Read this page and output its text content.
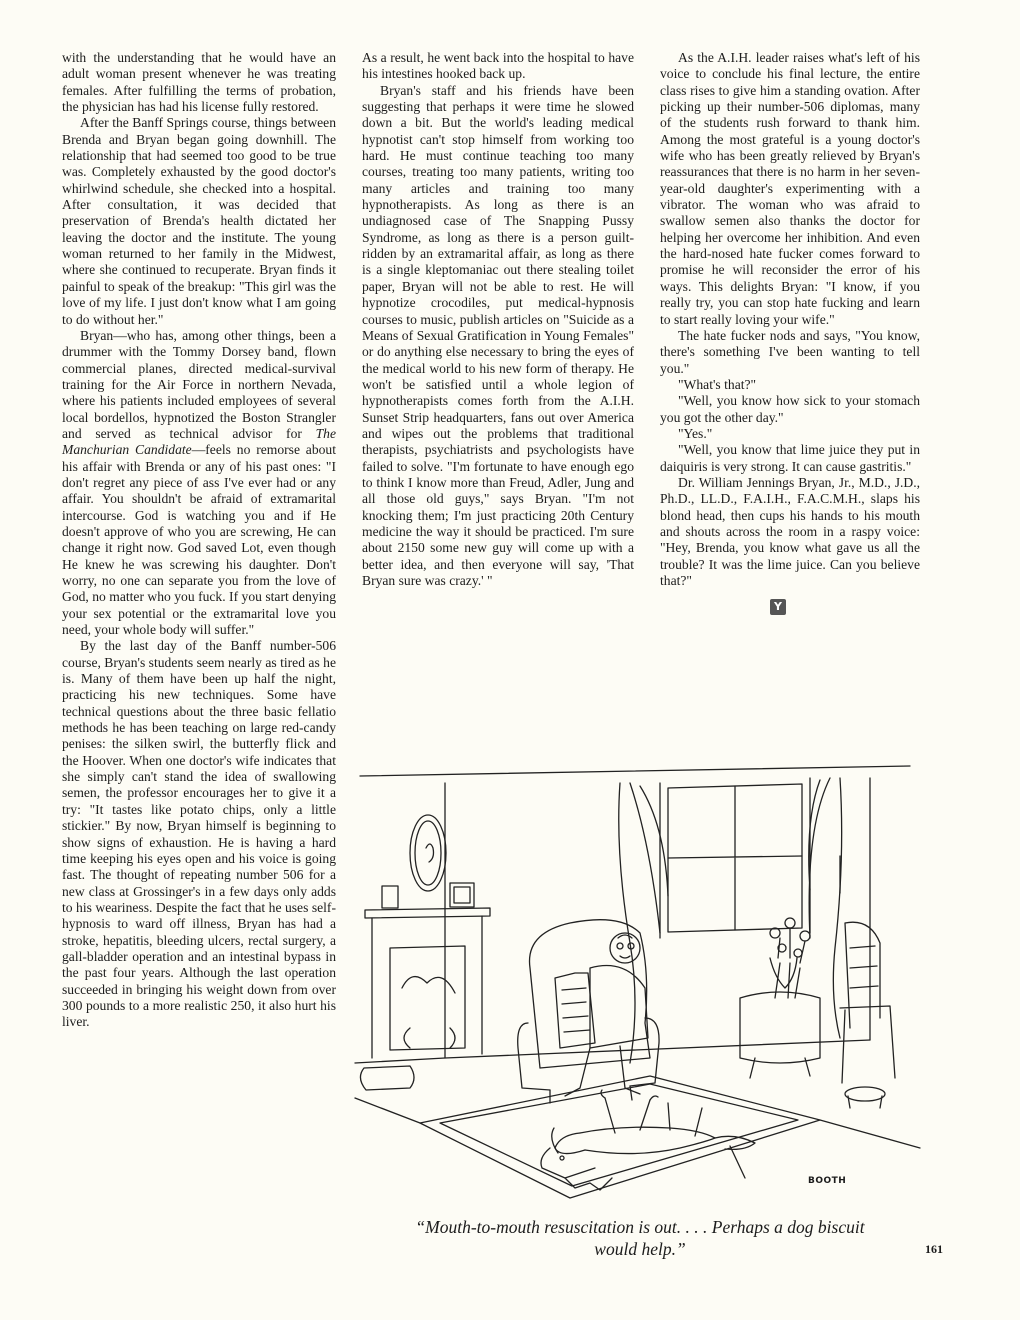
with the understanding that he would have an adult woman present whenever he was treating females. After fulfilling the terms of probation, the physician has had his license fully restored.

After the Banff Springs course, things between Brenda and Bryan began going downhill. The relationship that had seemed too good to be true was. Completely exhausted by the good doctor's whirlwind schedule, she checked into a hospital. After consultation, it was decided that preservation of Brenda's health dictated her leaving the doctor and the institute. The young woman returned to her family in the Midwest, where she continued to recuperate. Bryan finds it painful to speak of the breakup: "This girl was the love of my life. I just don't know what I am going to do without her."

Bryan—who has, among other things, been a drummer with the Tommy Dorsey band, flown commercial planes, directed medical-survival training for the Air Force in northern Nevada, where his patients included employees of several local bordellos, hypnotized the Boston Strangler and served as technical advisor for The Manchurian Candidate—feels no remorse about his affair with Brenda or any of his past ones: "I don't regret any piece of ass I've ever had or any affair. You shouldn't be afraid of extramarital intercourse. God is watching you and if He doesn't approve of who you are screwing, He can change it right now. God saved Lot, even though He knew he was screwing his daughter. Don't worry, no one can separate you from the love of God, no matter who you fuck. If you start denying your sex potential or the extramarital love you need, your whole body will suffer."

By the last day of the Banff number-506 course, Bryan's students seem nearly as tired as he is. Many of them have been up half the night, practicing his new techniques. Some have technical questions about the three basic fellatio methods he has been teaching on large red-candy penises: the silken swirl, the butterfly flick and the Hoover. When one doctor's wife indicates that she simply can't stand the idea of swallowing semen, the professor encourages her to give it a try: "It tastes like potato chips, only a little stickier." By now, Bryan himself is beginning to show signs of exhaustion. He is having a hard time keeping his eyes open and his voice is going fast. The thought of repeating number 506 for a new class at Grossinger's in a few days only adds to his weariness. Despite the fact that he uses self-hypnosis to ward off illness, Bryan has had a stroke, hepatitis, bleeding ulcers, rectal surgery, a gall-bladder operation and an intestinal bypass in the past four years. Although the last operation succeeded in bringing his weight down from over 300 pounds to a more realistic 250, it also hurt his liver.

As a result, he went back into the hospital to have his intestines hooked back up.

Bryan's staff and his friends have been suggesting that perhaps it were time he slowed down a bit. But the world's leading medical hypnotist can't stop himself from working too hard. He must continue teaching too many courses, treating too many patients, writing too many articles and training too many hypnotherapists. As long as there is an undiagnosed case of The Snapping Pussy Syndrome, as long as there is a person guilt-ridden by an extramarital affair, as long as there is a single kleptomaniac out there stealing toilet paper, Bryan will not be able to rest. He will hypnotize crocodiles, put medical-hypnosis courses to music, publish articles on "Suicide as a Means of Sexual Gratification in Young Females" or do anything else necessary to bring the eyes of the medical world to his new form of therapy. He won't be satisfied until a whole legion of hypnotherapists comes forth from the A.I.H. Sunset Strip headquarters, fans out over America and wipes out the problems that traditional therapists, psychiatrists and psychologists have failed to solve. "I'm fortunate to have enough ego to think I know more than Freud, Adler, Jung and all those old guys," says Bryan. "I'm not knocking them; I'm just practicing 20th Century medicine the way it should be practiced. I'm sure about 2150 some new guy will come up with a better idea, and then everyone will say, 'That Bryan sure was crazy.' "

As the A.I.H. leader raises what's left of his voice to conclude his final lecture, the entire class rises to give him a standing ovation. After picking up their number-506 diplomas, many of the students rush forward to thank him. Among the most grateful is a young doctor's wife who has been greatly relieved by Bryan's reassurances that there is no harm in her seven-year-old daughter's experimenting with a vibrator. The woman who was afraid to swallow semen also thanks the doctor for helping her overcome her inhibition. And even the hard-nosed hate fucker comes forward to promise he will reconsider the error of his ways. This delights Bryan: "I know, if you really try, you can stop hate fucking and learn to start really loving your wife."

The hate fucker nods and says, "You know, there's something I've been wanting to tell you."

"What's that?"

"Well, you know how sick to your stomach you got the other day."

"Yes."

"Well, you know that lime juice they put in daiquiris is very strong. It can cause gastritis."

Dr. William Jennings Bryan, Jr., M.D., J.D., Ph.D., LL.D., F.A.I.H., F.A.C.M.H., slaps his blond head, then cups his hands to his mouth and shouts across the room in a raspy voice: "Hey, Brenda, you know what gave us all the trouble? It was the lime juice. Can you believe that?"

Y
BOOTH
“Mouth-to-mouth resuscitation is out. . . . Perhaps a dog biscuit would help.”	161
